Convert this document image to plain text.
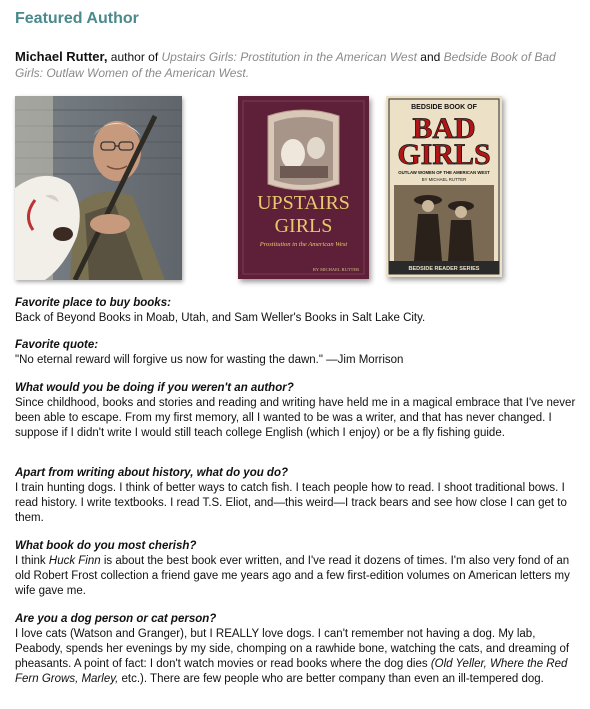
Featured Author
Michael Rutter, author of Upstairs Girls: Prostitution in the American West and Bedside Book of Bad Girls: Outlaw Women of the American West.
UPSTAIRS
GIRLS
Prostitution in the American West
BY MICHAEL RUTTER
BEDSIDE BOOK OF
BAD
GIRLS
OUTLAW WOMEN OF THE AMERICAN WEST
BY MICHAEL RUTTER
BEDSIDE READER SERIES
Favorite place to buy books:
Back of Beyond Books in Moab, Utah, and Sam Weller's Books in Salt Lake City.
Favorite quote:
"No eternal reward will forgive us now for wasting the dawn." —Jim Morrison
What would you be doing if you weren't an author?
Since childhood, books and stories and reading and writing have held me in a magical embrace that I've never been able to escape. From my first memory, all I wanted to be was a writer, and that has never changed. I suppose if I didn't write I would still teach college English (which I enjoy) or be a fly fishing guide.
Apart from writing about history, what do you do?
I train hunting dogs. I think of better ways to catch fish. I teach people how to read. I shoot traditional bows. I read history. I write textbooks. I read T.S. Eliot, and—this weird—I track bears and see how close I can get to them.
What book do you most cherish?
I think Huck Finn is about the best book ever written, and I've read it dozens of times. I'm also very fond of an old Robert Frost collection a friend gave me years ago and a few first-edition volumes on American letters my wife gave me.
Are you a dog person or cat person?
I love cats (Watson and Granger), but I REALLY love dogs. I can't remember not having a dog. My lab, Peabody, spends her evenings by my side, chomping on a rawhide bone, watching the cats, and dreaming of pheasants. A point of fact: I don't watch movies or read books where the dog dies (Old Yeller, Where the Red Fern Grows, Marley, etc.). There are few people who are better company than even an ill-tempered dog.
